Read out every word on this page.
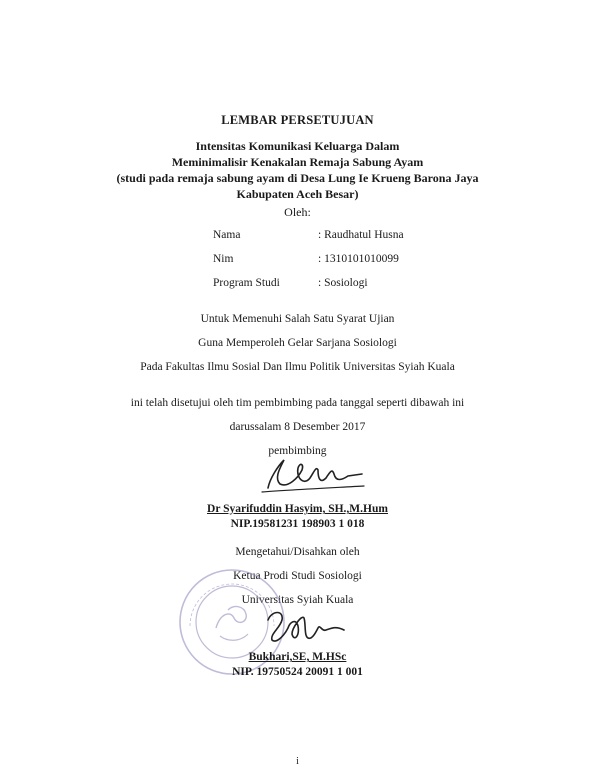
LEMBAR PERSETUJUAN
Intensitas Komunikasi Keluarga Dalam
Meminimalisir Kenakalan Remaja Sabung Ayam
(studi pada remaja sabung ayam di Desa Lung Ie Krueng Barona Jaya
Kabupaten Aceh Besar)
Oleh:
Nama	: Raudhatul Husna
Nim	: 1310101010099
Program Studi	: Sosiologi
Untuk Memenuhi Salah Satu Syarat Ujian
Guna Memperoleh Gelar Sarjana Sosiologi
Pada Fakultas Ilmu Sosial Dan Ilmu Politik Universitas Syiah Kuala
ini telah disetujui oleh tim pembimbing pada tanggal seperti dibawah ini
darussalam 8 Desember 2017
pembimbing
Dr Syarifuddin Hasyim, SH.,M.Hum
NIP.19581231 198903 1 018
Mengetahui/Disahkan oleh
Ketua Prodi Studi Sosiologi
Universitas Syiah Kuala
Bukhari,SE, M.HSc
NIP. 19750524 20091 1 001
i
